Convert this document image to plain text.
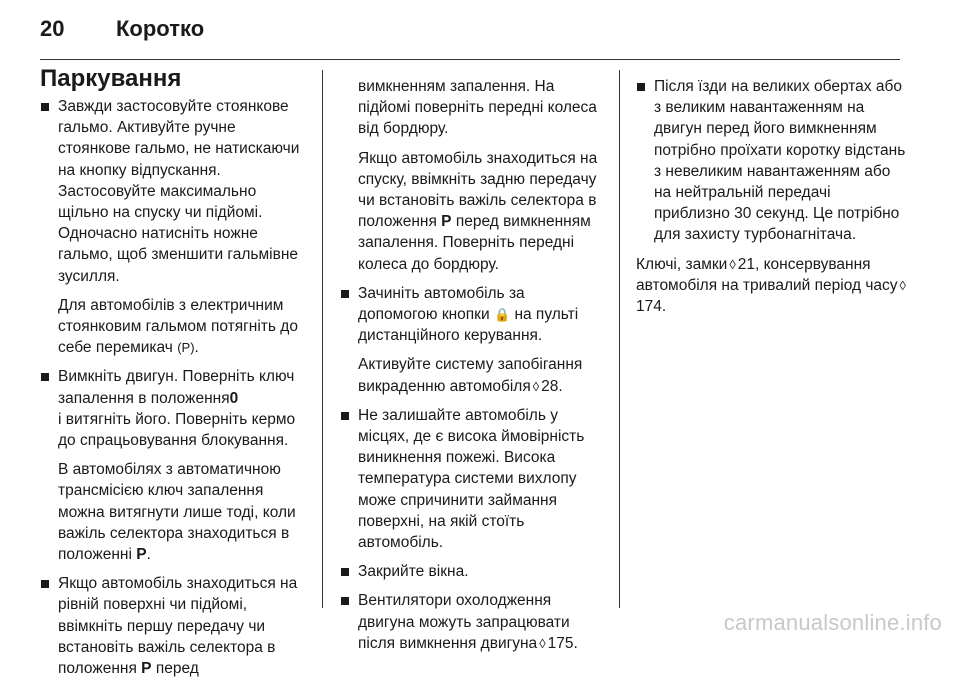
20	Коротко
Паркування

Завжди застосовуйте стоянкове гальмо. Активуйте ручне стоянкове гальмо, не натискаючи на кнопку відпускання. Застосовуйте максимально щільно на спуску чи підйомі. Одночасно натисніть ножне гальмо, щоб зменшити гальмівне зусилля.

Для автомобілів з електричним стоянковим гальмом потягніть до себе перемикач (P).

Вимкніть двигун. Поверніть ключ запалення в положення0
і витягніть його. Поверніть кермо до спрацьовування блокування.

В автомобілях з автоматичною трансмісією ключ запалення можна витягнути лише тоді, коли важіль селектора знаходиться в положенні P.

Якщо автомобіль знаходиться на рівній поверхні чи підйомі, ввімкніть першу передачу чи встановіть важіль селектора в положення P перед

вимкненням запалення. На підйомі поверніть передні колеса від бордюру.

Якщо автомобіль знаходиться на спуску, ввімкніть задню передачу чи встановіть важіль селектора в положення P перед вимкненням запалення. Поверніть передні колеса до бордюру.

Зачиніть автомобіль за допомогою кнопки 🔒 на пульті дистанційного керування.

Активуйте систему запобігання викраденню автомобіля ◊ 28.

Не залишайте автомобіль у місцях, де є висока ймовірність виникнення пожежі. Висока температура системи вихлопу може спричинити займання поверхні, на якій стоїть автомобіль.

Закрийте вікна.

Вентилятори охолодження двигуна можуть запрацювати після вимкнення двигуна ◊ 175.

Після їзди на великих обертах або з великим навантаженням на двигун перед його вимкненням потрібно проїхати коротку відстань з невеликим навантаженням або на нейтральній передачі приблизно 30 секунд. Це потрібно для захисту турбонагнітача.

Ключі, замки ◊ 21, консервування автомобіля на тривалий період часу ◊174.

carmanualsonline.info
